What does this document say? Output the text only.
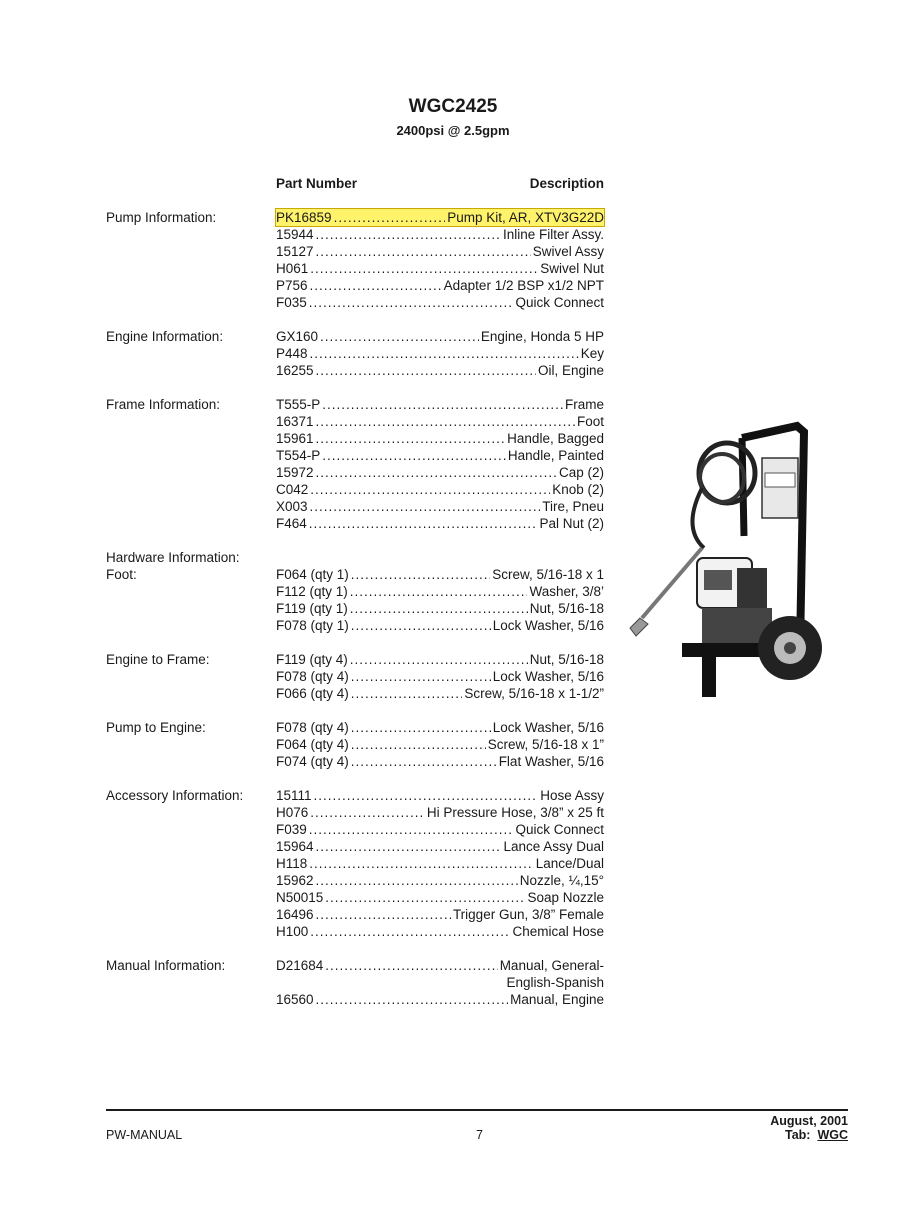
WGC2425
2400psi @ 2.5gpm
Part Number	Description
Pump Information:	PK16859 .....	Pump Kit, AR, XTV3G22D
15944 .....	Inline Filter Assy.
15127 .....	Swivel Assy
H061 .....	Swivel Nut
P756 .....	Adapter 1/2 BSP x1/2 NPT
F035 .....	Quick Connect
Engine Information:	GX160 .....	Engine, Honda 5 HP
P448 .....	Key
16255 .....	Oil, Engine
Frame Information:	T555-P .....	Frame
16371 .....	Foot
15961 .....	Handle, Bagged
T554-P .....	Handle, Painted
15972 .....	Cap (2)
C042 .....	Knob (2)
X003 .....	Tire, Pneu
F464 .....	Pal Nut (2)
Hardware Information:
Foot:	F064 (qty 1) .....	Screw, 5/16-18 x 1
F112 (qty 1) .....	Washer, 3/8’
F119 (qty 1) .....	Nut, 5/16-18
F078 (qty 1) .....	Lock Washer, 5/16
Engine to Frame:	F119 (qty 4) .....	Nut, 5/16-18
F078 (qty 4) .....	Lock Washer, 5/16
F066 (qty 4) .....	Screw, 5/16-18 x 1-1/2”
Pump to Engine:	F078 (qty 4) .....	Lock Washer, 5/16
F064 (qty 4) .....	Screw, 5/16-18 x 1”
F074 (qty 4) .....	Flat Washer, 5/16
Accessory Information: 15111 .....	Hose Assy
H076 .....	Hi Pressure Hose, 3/8” x 25 ft
F039 .....	Quick Connect
15964 .....	Lance Assy Dual
H118 .....	Lance/Dual
15962 .....	Nozzle, ¼,15°
N50015 .....	Soap Nozzle
16496 .....	Trigger Gun, 3/8” Female
H100 .....	Chemical Hose
Manual Information:	D21684 .....	Manual, General-
English-Spanish
16560 .....	Manual, Engine
PW-MANUAL	7
August, 2001
Tab: WGC
